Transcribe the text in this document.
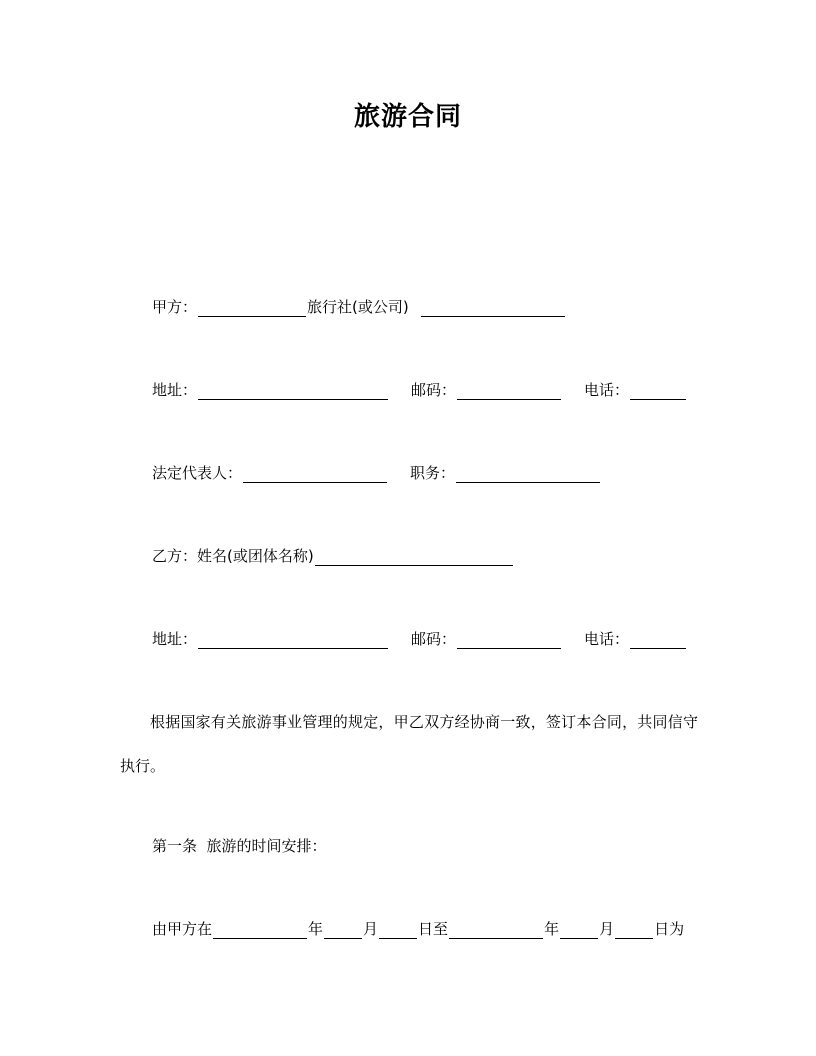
旅游合同
甲方：	旅行社(或公司)
地址：	邮码：	电话：
法定代表人：	职务：
乙方：姓名(或团体名称)
地址：	邮码：	电话：
根据国家有关旅游事业管理的规定，甲乙双方经协商一致，签订本合同，共同信守执行。
第一条  旅游的时间安排：
由甲方在	年	月	日至	年	月	日为
